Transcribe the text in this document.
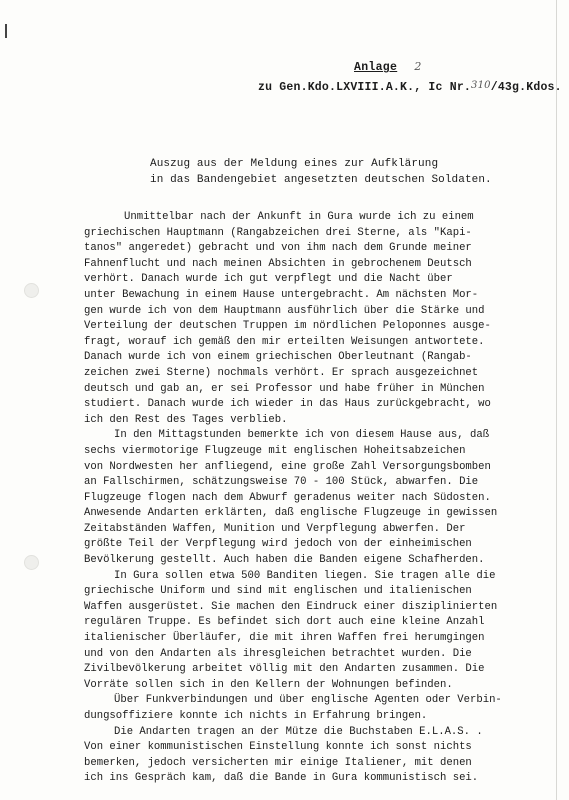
Anlage 2
zu Gen.Kdo.LXVIII.A.K., Ic Nr.310/43g.Kdos.
Auszug aus der Meldung eines zur Aufklärung
in das Bandengebiet angesetzten deutschen Soldaten.

Unmittelbar nach der Ankunft in Gura wurde ich zu einem
griechischen Hauptmann (Rangabzeichen drei Sterne, als "Kapi-
tanos" angeredet) gebracht und von ihm nach dem Grunde meiner
Fahnenflucht und nach meinen Absichten in gebrochenem Deutsch
verhört. Danach wurde ich gut verpflegt und die Nacht über
unter Bewachung in einem Hause untergebracht. Am nächsten Mor-
gen wurde ich von dem Hauptmann ausführlich über die Stärke und
Verteilung der deutschen Truppen im nördlichen Peloponnes ausge-
fragt, worauf ich gemäß den mir erteilten Weisungen antwortete.
Danach wurde ich von einem griechischen Oberleutnant (Rangab-
zeichen zwei Sterne) nochmals verhört. Er sprach ausgezeichnet
deutsch und gab an, er sei Professor und habe früher in München
studiert. Danach wurde ich wieder in das Haus zurückgebracht, wo
ich den Rest des Tages verblieb.

In den Mittagstunden bemerkte ich von diesem Hause aus, daß
sechs viermotorige Flugzeuge mit englischen Hoheitsabzeichen
von Nordwesten her anfliegend, eine große Zahl Versorgungsbomben
an Fallschirmen, schätzungsweise 70 - 100 Stück, abwarfen. Die
Flugzeuge flogen nach dem Abwurf geradenus weiter nach Südosten.
Anwesende Andarten erklärten, daß englische Flugzeuge in gewissen
Zeitabständen Waffen, Munition und Verpflegung abwerfen. Der
größte Teil der Verpflegung wird jedoch von der einheimischen
Bevölkerung gestellt. Auch haben die Banden eigene Schafherden.

In Gura sollen etwa 500 Banditen liegen. Sie tragen alle die
griechische Uniform und sind mit englischen und italienischen
Waffen ausgerüstet. Sie machen den Eindruck einer disziplinierten
regulären Truppe. Es befindet sich dort auch eine kleine Anzahl
italienischer Überläufer, die mit ihren Waffen frei herumgingen
und von den Andarten als ihresgleichen betrachtet wurden. Die
Zivilbevölkerung arbeitet völlig mit den Andarten zusammen. Die
Vorräte sollen sich in den Kellern der Wohnungen befinden.

Über Funkverbindungen und über englische Agenten oder Verbin-
dungsoffiziere konnte ich nichts in Erfahrung bringen.

Die Andarten tragen an der Mütze die Buchstaben E.L.A.S. .
Von einer kommunistischen Einstellung konnte ich sonst nichts
bemerken, jedoch versicherten mir einige Italiener, mit denen
ich ins Gespräch kam, daß die Bande in Gura kommunistisch sei.
